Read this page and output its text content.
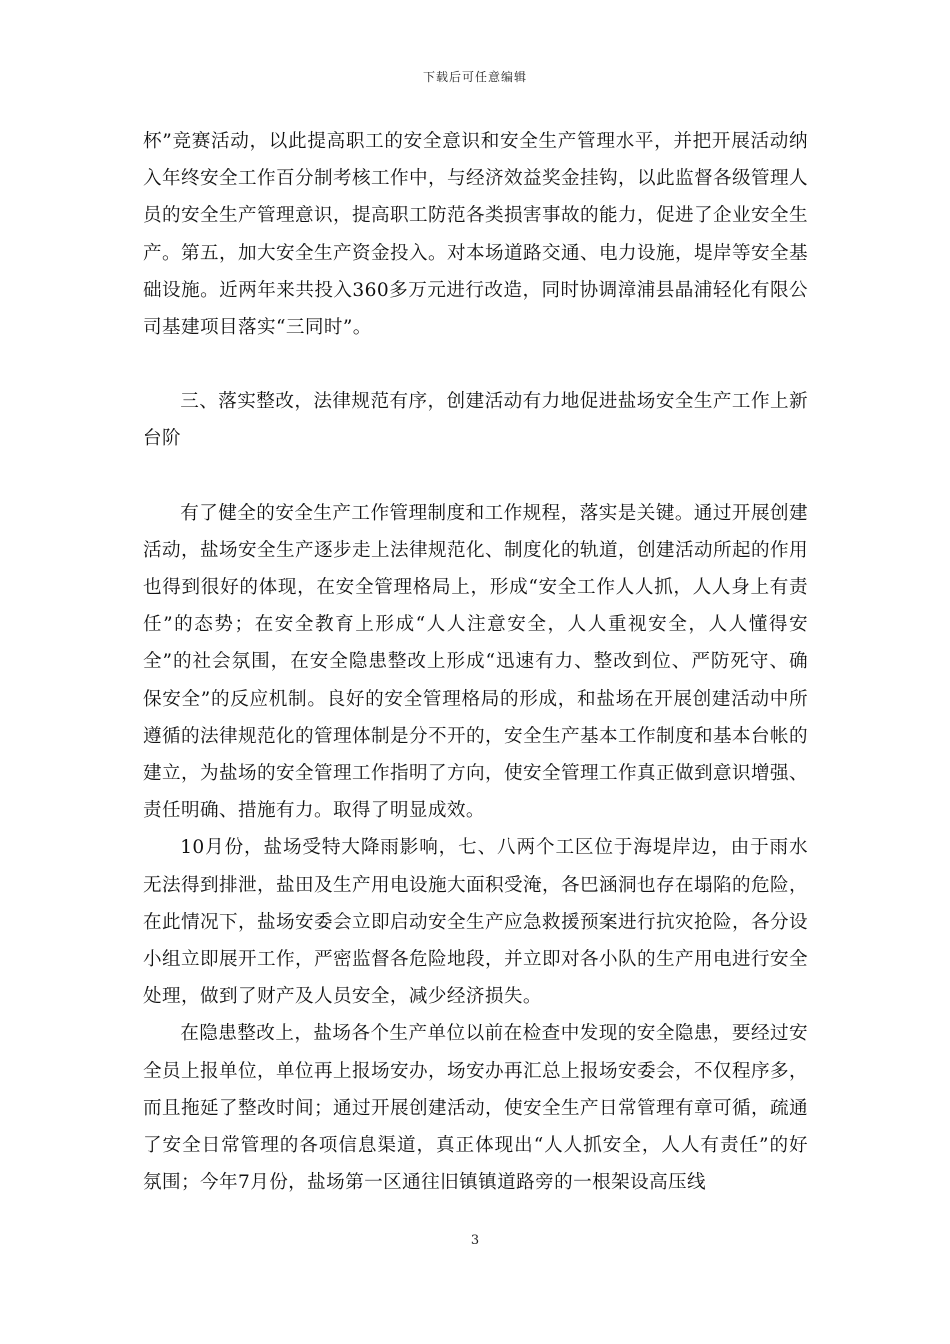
下载后可任意编辑

杯”竞赛活动，以此提高职工的安全意识和安全生产管理水平，并把开展活动纳入年终安全工作百分制考核工作中，与经济效益奖金挂钩，以此监督各级管理人员的安全生产管理意识，提高职工防范各类损害事故的能力，促进了企业安全生产。第五，加大安全生产资金投入。对本场道路交通、电力设施，堤岸等安全基础设施。近两年来共投入360多万元进行改造，同时协调漳浦县晶浦轻化有限公司基建项目落实“三同时”。

三、落实整改，法律规范有序，创建活动有力地促进盐场安全生产工作上新台阶

有了健全的安全生产工作管理制度和工作规程，落实是关键。通过开展创建活动，盐场安全生产逐步走上法律规范化、制度化的轨道，创建活动所起的作用也得到很好的体现，在安全管理格局上，形成“安全工作人人抓，人人身上有责任”的态势；在安全教育上形成“人人注意安全，人人重视安全，人人懂得安全”的社会氛围，在安全隐患整改上形成“迅速有力、整改到位、严防死守、确保安全”的反应机制。良好的安全管理格局的形成，和盐场在开展创建活动中所遵循的法律规范化的管理体制是分不开的，安全生产基本工作制度和基本台帐的建立，为盐场的安全管理工作指明了方向，使安全管理工作真正做到意识增强、责任明确、措施有力。取得了明显成效。

10月份，盐场受特大降雨影响，七、八两个工区位于海堤岸边，由于雨水无法得到排泄，盐田及生产用电设施大面积受淹，各巴涵洞也存在塌陷的危险，在此情况下，盐场安委会立即启动安全生产应急救援预案进行抗灾抢险，各分设小组立即展开工作，严密监督各危险地段，并立即对各小队的生产用电进行安全处理，做到了财产及人员安全，减少经济损失。

在隐患整改上，盐场各个生产单位以前在检查中发现的安全隐患，要经过安全员上报单位，单位再上报场安办，场安办再汇总上报场安委会，不仅程序多，而且拖延了整改时间；通过开展创建活动，使安全生产日常管理有章可循，疏通了安全日常管理的各项信息渠道，真正体现出“人人抓安全，人人有责任”的好氛围；今年7月份，盐场第一区通往旧镇镇道路旁的一根架设高压线

3
